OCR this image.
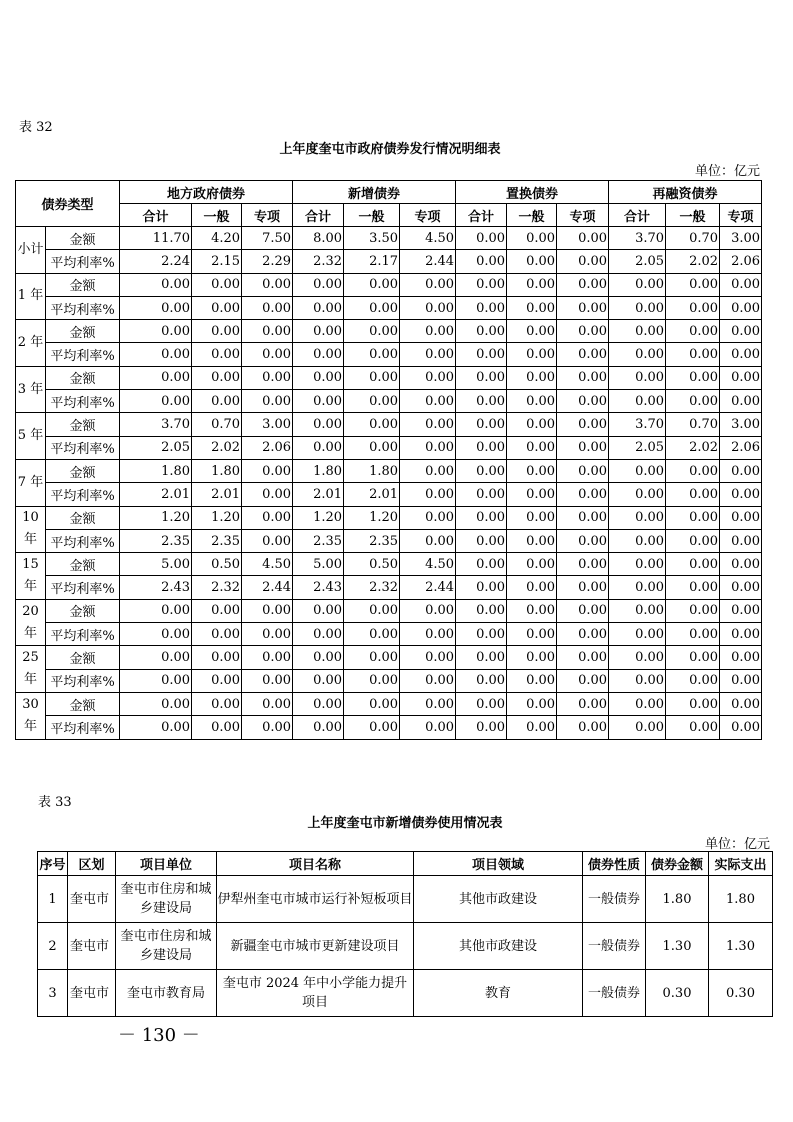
表 32
上年度奎屯市政府债券发行情况明细表
单位：亿元
债券类型		地方政府债券			新增债券			置换债券			再融资债券		
		合计	一般	专项	合计	一般	专项	合计	一般	专项	合计	一般	专项
小计	金额	11.70	4.20	7.50	8.00	3.50	4.50	0.00	0.00	0.00	3.70	0.70	3.00
	平均利率%	2.24	2.15	2.29	2.32	2.17	2.44	0.00	0.00	0.00	2.05	2.02	2.06
1 年	金额	0.00	0.00	0.00	0.00	0.00	0.00	0.00	0.00	0.00	0.00	0.00	0.00
	平均利率%	0.00	0.00	0.00	0.00	0.00	0.00	0.00	0.00	0.00	0.00	0.00	0.00
2 年	金额	0.00	0.00	0.00	0.00	0.00	0.00	0.00	0.00	0.00	0.00	0.00	0.00
	平均利率%	0.00	0.00	0.00	0.00	0.00	0.00	0.00	0.00	0.00	0.00	0.00	0.00
3 年	金额	0.00	0.00	0.00	0.00	0.00	0.00	0.00	0.00	0.00	0.00	0.00	0.00
	平均利率%	0.00	0.00	0.00	0.00	0.00	0.00	0.00	0.00	0.00	0.00	0.00	0.00
5 年	金额	3.70	0.70	3.00	0.00	0.00	0.00	0.00	0.00	0.00	3.70	0.70	3.00
	平均利率%	2.05	2.02	2.06	0.00	0.00	0.00	0.00	0.00	0.00	2.05	2.02	2.06
7 年	金额	1.80	1.80	0.00	1.80	1.80	0.00	0.00	0.00	0.00	0.00	0.00	0.00
	平均利率%	2.01	2.01	0.00	2.01	2.01	0.00	0.00	0.00	0.00	0.00	0.00	0.00
10 年	金额	1.20	1.20	0.00	1.20	1.20	0.00	0.00	0.00	0.00	0.00	0.00	0.00
	平均利率%	2.35	2.35	0.00	2.35	2.35	0.00	0.00	0.00	0.00	0.00	0.00	0.00
15 年	金额	5.00	0.50	4.50	5.00	0.50	4.50	0.00	0.00	0.00	0.00	0.00	0.00
	平均利率%	2.43	2.32	2.44	2.43	2.32	2.44	0.00	0.00	0.00	0.00	0.00	0.00
20 年	金额	0.00	0.00	0.00	0.00	0.00	0.00	0.00	0.00	0.00	0.00	0.00	0.00
	平均利率%	0.00	0.00	0.00	0.00	0.00	0.00	0.00	0.00	0.00	0.00	0.00	0.00
25 年	金额	0.00	0.00	0.00	0.00	0.00	0.00	0.00	0.00	0.00	0.00	0.00	0.00
	平均利率%	0.00	0.00	0.00	0.00	0.00	0.00	0.00	0.00	0.00	0.00	0.00	0.00
30 年	金额	0.00	0.00	0.00	0.00	0.00	0.00	0.00	0.00	0.00	0.00	0.00	0.00
	平均利率%	0.00	0.00	0.00	0.00	0.00	0.00	0.00	0.00	0.00	0.00	0.00	0.00
表 33
上年度奎屯市新增债券使用情况表
单位：亿元
序号	区划	项目单位	项目名称	项目领域	债券性质	债券金额	实际支出
1	奎屯市	奎屯市住房和城乡建设局	伊犁州奎屯市城市运行补短板项目	其他市政建设	一般债券	1.80	1.80
2	奎屯市	奎屯市住房和城乡建设局	新疆奎屯市城市更新建设项目	其他市政建设	一般债券	1.30	1.30
3	奎屯市	奎屯市教育局	奎屯市 2024 年中小学能力提升项目	教育	一般债券	0.30	0.30
－ 130 －
